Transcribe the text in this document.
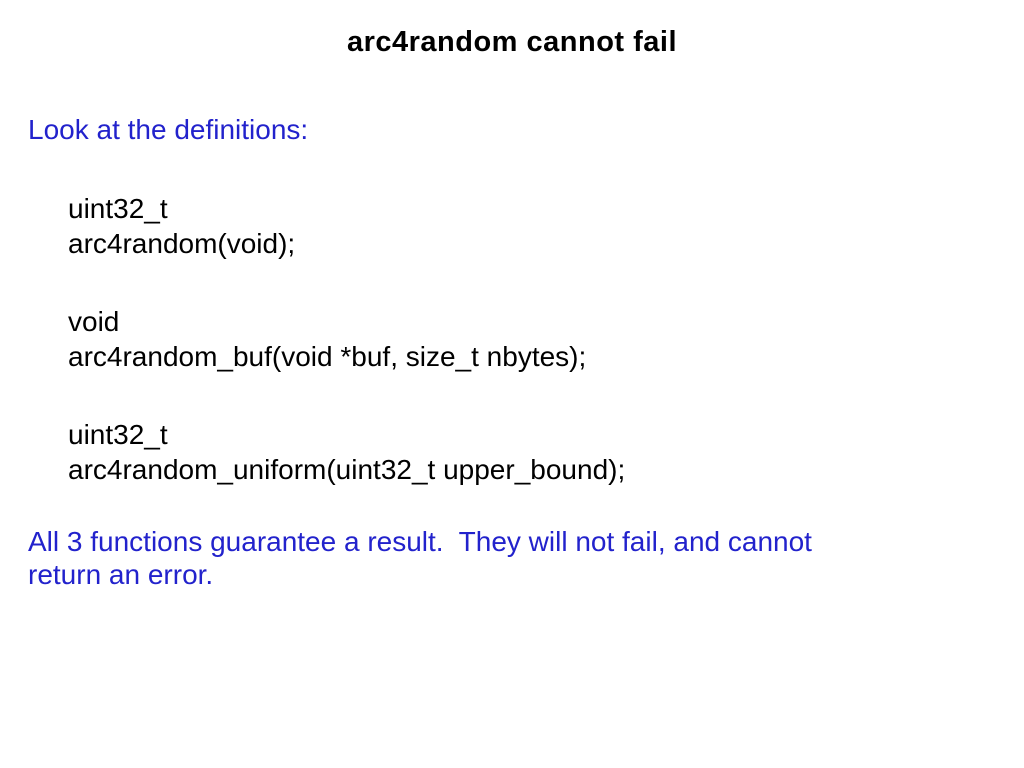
arc4random cannot fail
Look at the definitions:
uint32_t
arc4random(void);
void
arc4random_buf(void *buf, size_t nbytes);
uint32_t
arc4random_uniform(uint32_t upper_bound);
All 3 functions guarantee a result.  They will not fail, and cannot
return an error.
